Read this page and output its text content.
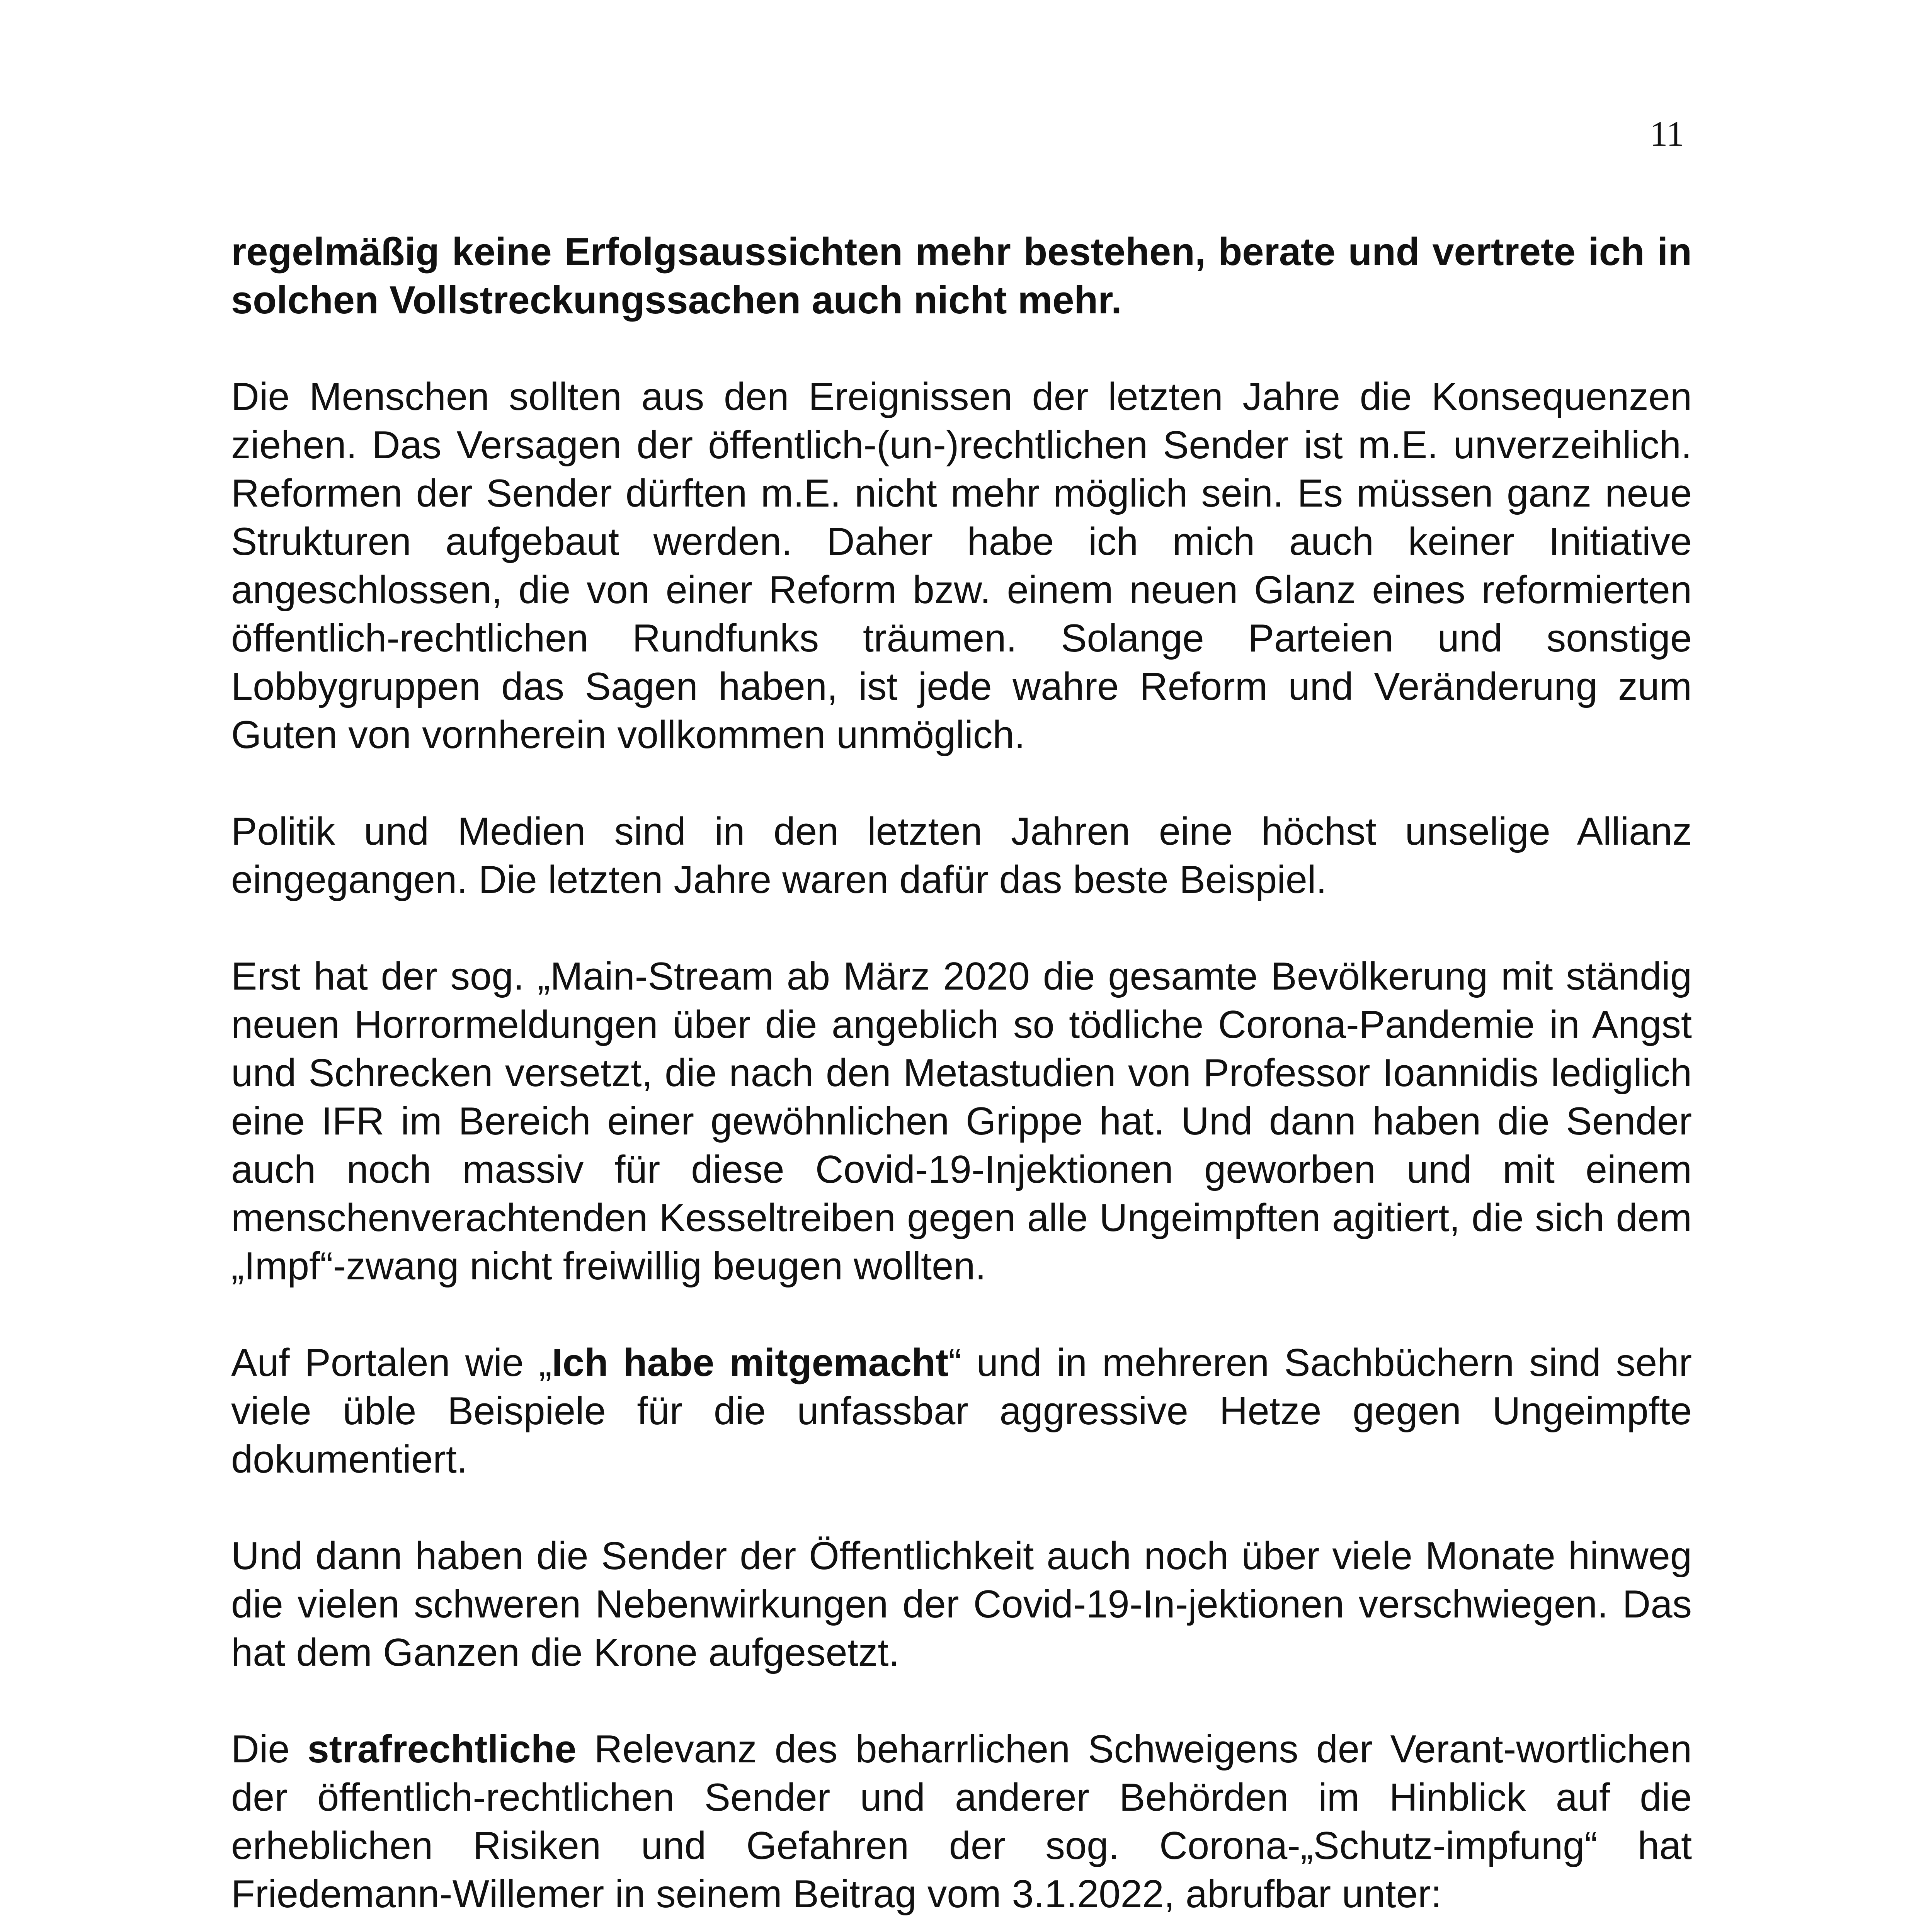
11

regelmäßig keine Erfolgsaussichten mehr bestehen, berate und vertrete ich in solchen Vollstreckungssachen auch nicht mehr.

Die Menschen sollten aus den Ereignissen der letzten Jahre die Konsequenzen ziehen. Das Versagen der öffentlich-(un-)rechtlichen Sender ist m.E. unverzeihlich. Reformen der Sender dürften m.E. nicht mehr möglich sein. Es müssen ganz neue Strukturen aufgebaut werden. Daher habe ich mich auch keiner Initiative angeschlossen, die von einer Reform bzw. einem neuen Glanz eines reformierten öffentlich-rechtlichen Rundfunks träumen. Solange Parteien und sonstige Lobbygruppen das Sagen haben, ist jede wahre Reform und Veränderung zum Guten von vornherein vollkommen unmöglich.

Politik und Medien sind in den letzten Jahren eine höchst unselige Allianz eingegangen. Die letzten Jahre waren dafür das beste Beispiel.

Erst hat der sog. „Main-Stream ab März 2020 die gesamte Bevölkerung mit ständig neuen Horrormeldungen über die angeblich so tödliche Corona-Pandemie in Angst und Schrecken versetzt, die nach den Metastudien von Professor Ioannidis lediglich eine IFR im Bereich einer gewöhnlichen Grippe hat. Und dann haben die Sender auch noch massiv für diese Covid-19-Injektionen geworben und mit einem menschenverachtenden Kesseltreiben gegen alle Ungeimpften agitiert, die sich dem „Impf“-zwang nicht freiwillig beugen wollten.

Auf Portalen wie „Ich habe mitgemacht“ und in mehreren Sachbüchern sind sehr viele üble Beispiele für die unfassbar aggressive Hetze gegen Ungeimpfte dokumentiert.

Und dann haben die Sender der Öffentlichkeit auch noch über viele Monate hinweg die vielen schweren Nebenwirkungen der Covid-19-In-jektionen verschwiegen. Das hat dem Ganzen die Krone aufgesetzt.

Die strafrechtliche Relevanz des beharrlichen Schweigens der Verant-wortlichen der öffentlich-rechtlichen Sender und anderer Behörden im Hinblick auf die erheblichen Risiken und Gefahren der sog. Corona-„Schutz-impfung“ hat Friedemann-Willemer in seinem Beitrag vom 3.1.2022, abrufbar unter:
